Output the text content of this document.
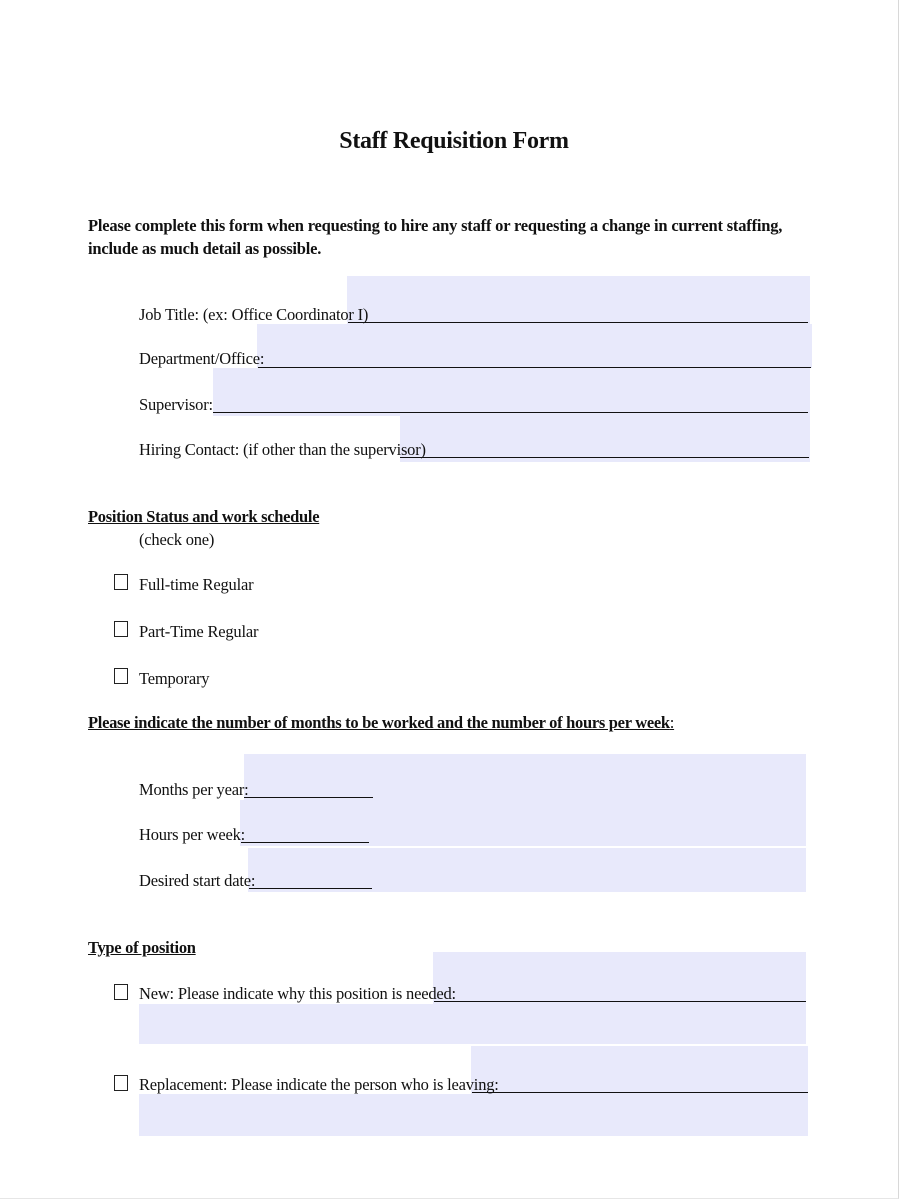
Staff Requisition Form
Please complete this form when requesting to hire any staff or requesting a change in current staffing, include as much detail as possible.
Job Title: (ex: Office Coordinator I)
Department/Office:
Supervisor:
Hiring Contact: (if other than the supervisor)
Position Status and work schedule
(check one)
Full-time Regular
Part-Time Regular
Temporary
Please indicate the number of months to be worked and the number of hours per week:
Months per year:
Hours per week:
Desired start date:
Type of position
New: Please indicate why this position is needed:
Replacement: Please indicate the person who is leaving:
